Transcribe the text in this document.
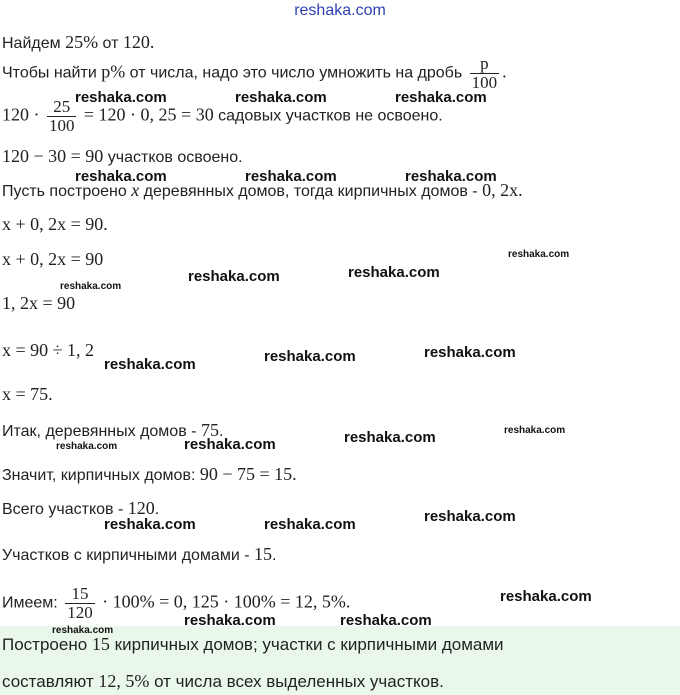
reshaka.com
Найдем 25% от 120.
Чтобы найти p% от числа, надо это число умножить на дробь $\frac{p}{100}$ .
$120 \cdot \frac{25}{100} = 120 \cdot 0$, 25 = 30 садовых участков не освоено.
120 − 30 = 90 участков освоено.
Пусть построено x деревянных домов, тогда кирпичных домов - 0, 2x.
x + 0, 2x = 90.
x + 0, 2x = 90
1, 2x = 90
x = 90 ÷ 1, 2
x = 75.
Итак, деревянных домов - 75.
Значит, кирпичных домов: 90 − 75 = 15.
Всего участков - 120.
Участков с кирпичными домами - 15.
Имеем: $\frac{15}{120} \cdot 100\% = 0$, 125 · 100% = 12, 5%.
Построено 15 кирпичных домов; участки с кирпичными домами
составляют 12, 5% от числа всех выделенных участков.
reshaka.com	reshaka.com	reshaka.com
reshaka.com	reshaka.com	reshaka.com
reshaka.com
reshaka.com	reshaka.com
reshaka.com
reshaka.com	reshaka.com
reshaka.com
reshaka.com
reshaka.com
reshaka.com
reshaka.com
reshaka.com
reshaka.com	reshaka.com
reshaka.com
reshaka.com	reshaka.com
reshaka.com
